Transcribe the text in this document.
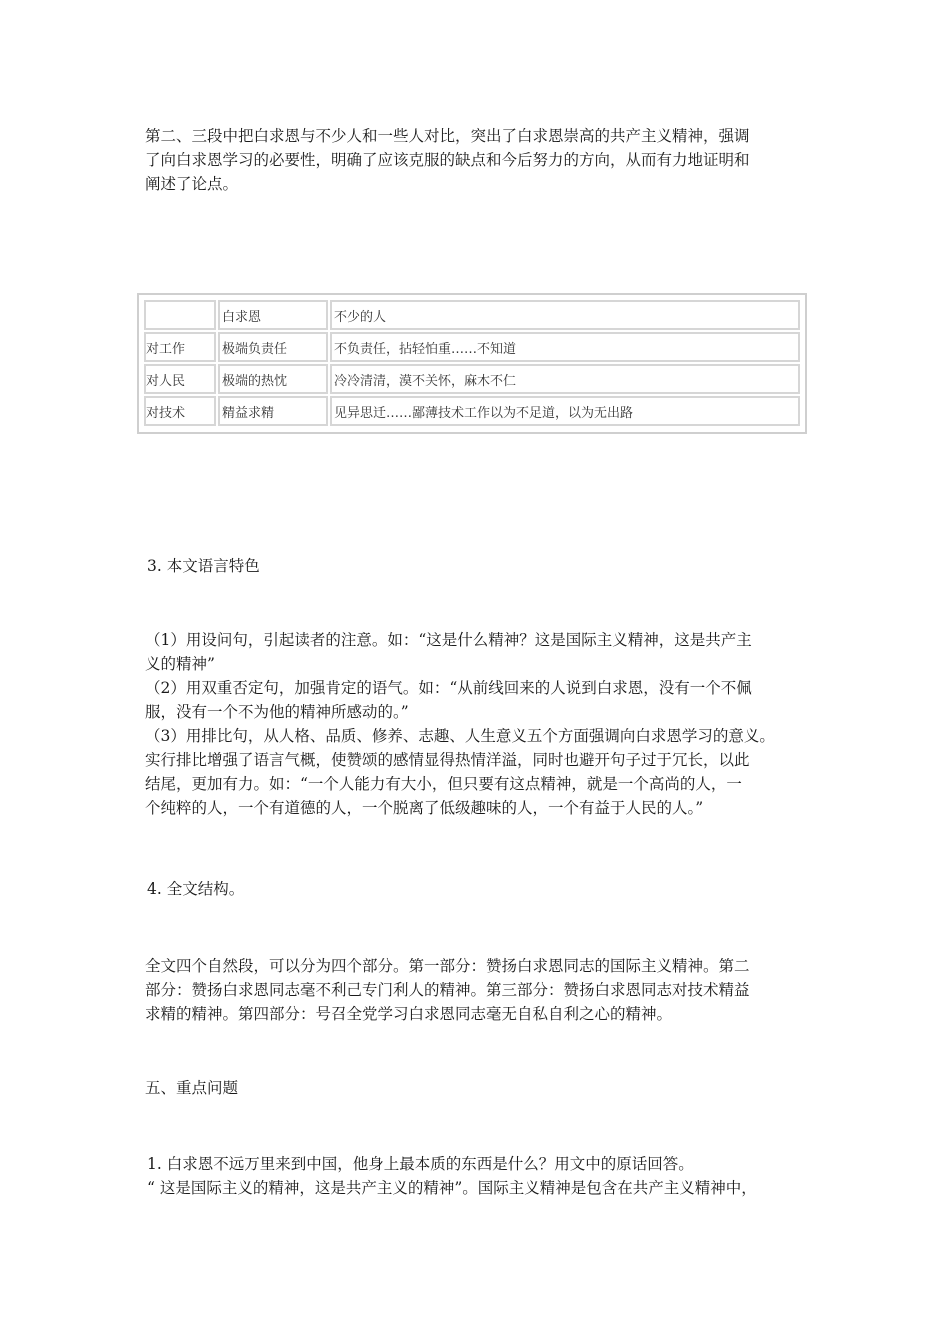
第二、三段中把白求恩与不少人和一些人对比，突出了白求恩崇高的共产主义精神，强调
了向白求恩学习的必要性，明确了应该克服的缺点和今后努力的方向，从而有力地证明和
阐述了论点。
	白求恩	不少的人
对工作	极端负责任	不负责任，拈轻怕重……不知道
对人民	极端的热忱	冷冷清清，漠不关怀，麻木不仁
对技术	精益求精	见异思迁……鄙薄技术工作以为不足道，以为无出路

3. 本文语言特色

（1）用设问句，引起读者的注意。如：“这是什么精神？这是国际主义精神，这是共产主
义的精神”
（2）用双重否定句，加强肯定的语气。如：“从前线回来的人说到白求恩，没有一个不佩
服，没有一个不为他的精神所感动的。”
（3）用排比句，从人格、品质、修养、志趣、人生意义五个方面强调向白求恩学习的意义。
实行排比增强了语言气概，使赞颂的感情显得热情洋溢，同时也避开句子过于冗长，以此
结尾，更加有力。如：“一个人能力有大小，但只要有这点精神，就是一个高尚的人，一
个纯粹的人，一个有道德的人，一个脱离了低级趣味的人，一个有益于人民的人。”

4. 全文结构。

全文四个自然段，可以分为四个部分。第一部分：赞扬白求恩同志的国际主义精神。第二
部分：赞扬白求恩同志毫不利己专门利人的精神。第三部分：赞扬白求恩同志对技术精益
求精的精神。第四部分：号召全党学习白求恩同志毫无自私自利之心的精神。

五、重点问题

1. 白求恩不远万里来到中国，他身上最本质的东西是什么？用文中的原话回答。
“ 这是国际主义的精神，这是共产主义的精神”。国际主义精神是包含在共产主义精神中，
